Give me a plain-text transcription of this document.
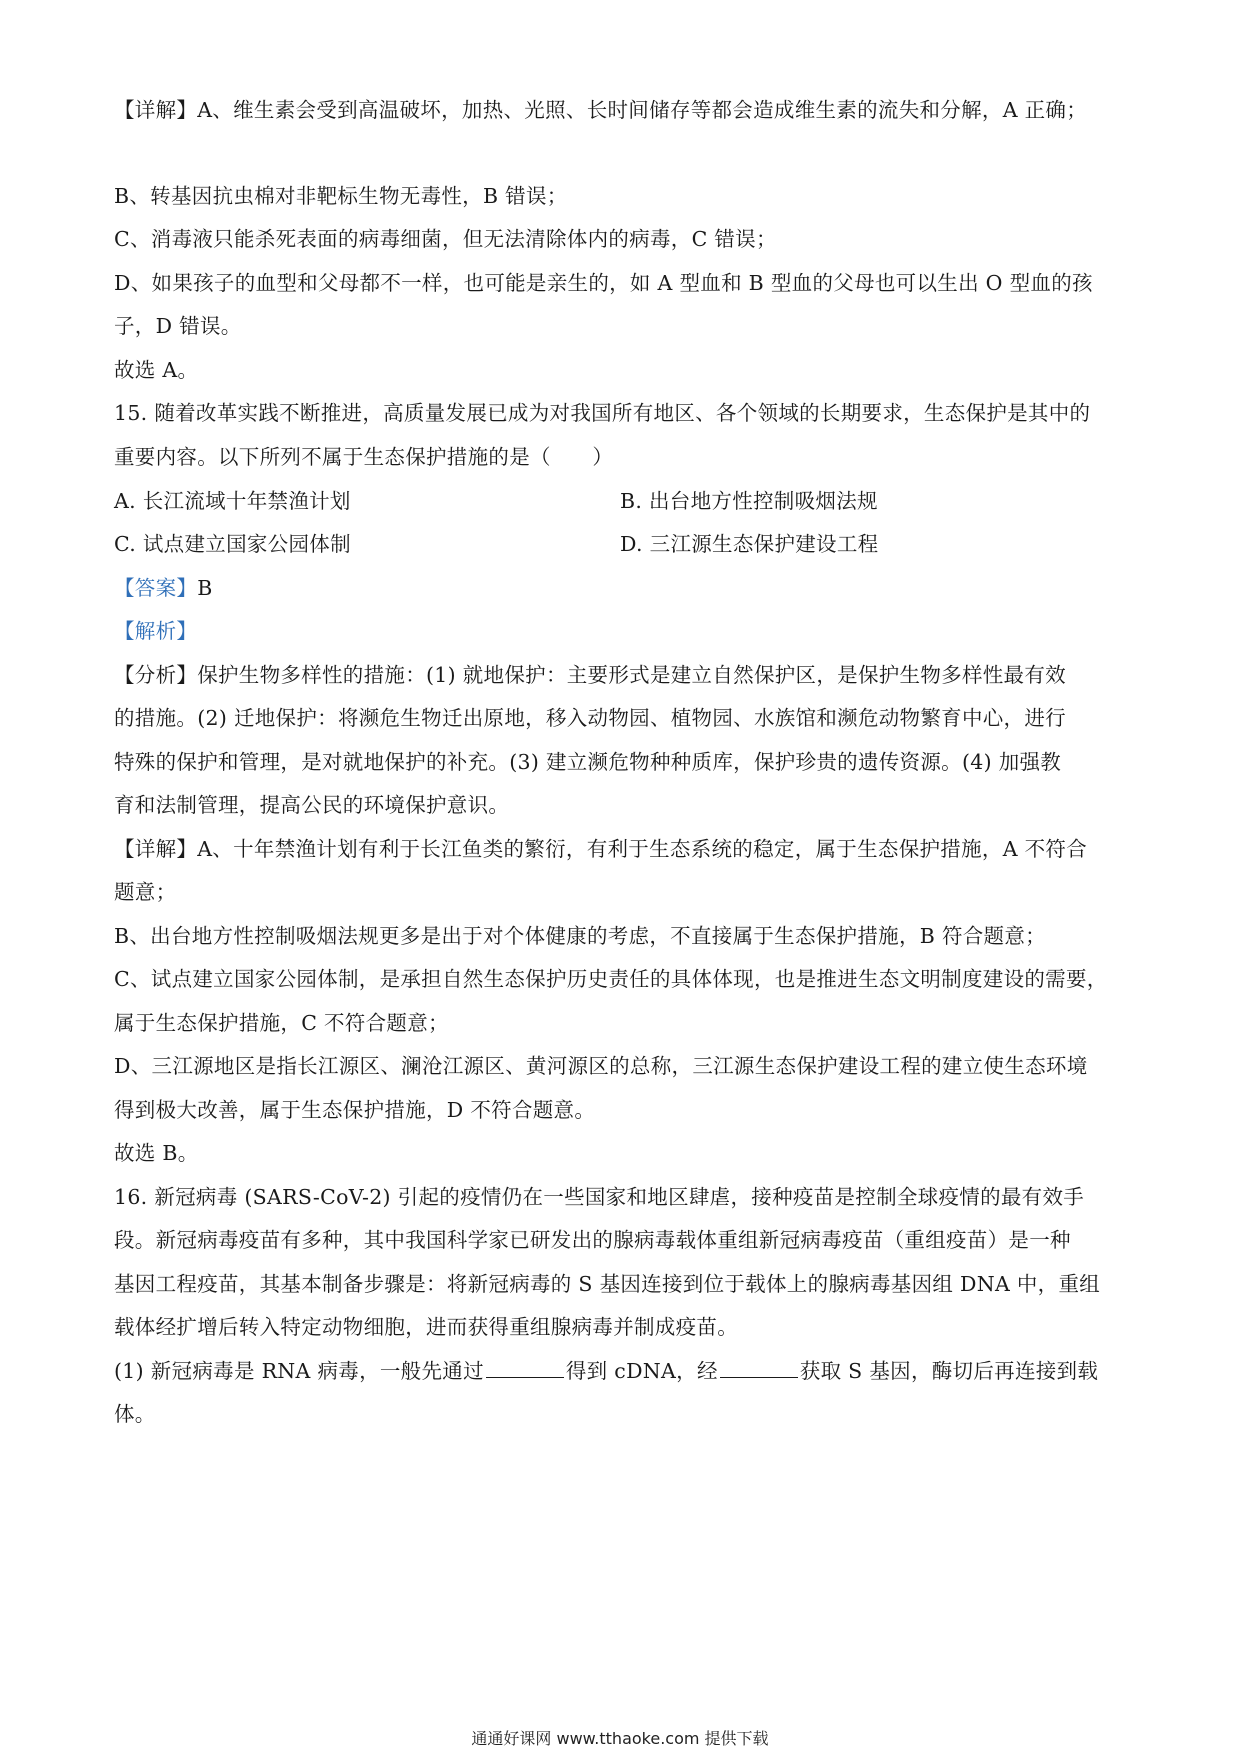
【详解】A、维生素会受到高温破坏，加热、光照、长时间储存等都会造成维生素的流失和分解，A 正确；
B、转基因抗虫棉对非靶标生物无毒性，B 错误；
C、消毒液只能杀死表面的病毒细菌，但无法清除体内的病毒，C 错误；
D、如果孩子的血型和父母都不一样，也可能是亲生的，如 A 型血和 B 型血的父母也可以生出 O 型血的孩
子，D 错误。
故选 A。
15. 随着改革实践不断推进，高质量发展已成为对我国所有地区、各个领域的长期要求，生态保护是其中的
重要内容。以下所列不属于生态保护措施的是（　　）
A. 长江流域十年禁渔计划	B. 出台地方性控制吸烟法规
C. 试点建立国家公园体制	D. 三江源生态保护建设工程
【答案】B
【解析】
【分析】保护生物多样性的措施：(1) 就地保护：主要形式是建立自然保护区，是保护生物多样性最有效
的措施。(2) 迁地保护：将濒危生物迁出原地，移入动物园、植物园、水族馆和濒危动物繁育中心，进行
特殊的保护和管理，是对就地保护的补充。(3) 建立濒危物种种质库，保护珍贵的遗传资源。(4) 加强教
育和法制管理，提高公民的环境保护意识。
【详解】A、十年禁渔计划有利于长江鱼类的繁衍，有利于生态系统的稳定，属于生态保护措施，A 不符合
题意；
B、出台地方性控制吸烟法规更多是出于对个体健康的考虑，不直接属于生态保护措施，B 符合题意；
C、试点建立国家公园体制，是承担自然生态保护历史责任的具体体现，也是推进生态文明制度建设的需要，
属于生态保护措施，C 不符合题意；
D、三江源地区是指长江源区、澜沧江源区、黄河源区的总称，三江源生态保护建设工程的建立使生态环境
得到极大改善，属于生态保护措施，D 不符合题意。
故选 B。
16. 新冠病毒 (SARS-CoV-2) 引起的疫情仍在一些国家和地区肆虐，接种疫苗是控制全球疫情的最有效手
段。新冠病毒疫苗有多种，其中我国科学家已研发出的腺病毒载体重组新冠病毒疫苗（重组疫苗）是一种
基因工程疫苗，其基本制备步骤是：将新冠病毒的 S 基因连接到位于载体上的腺病毒基因组 DNA 中，重组
载体经扩增后转入特定动物细胞，进而获得重组腺病毒并制成疫苗。
(1) 新冠病毒是 RNA 病毒，一般先通过	得到 cDNA，经	获取 S 基因，酶切后再连接到载
体。
通通好课网 www.tthaoke.com 提供下载
